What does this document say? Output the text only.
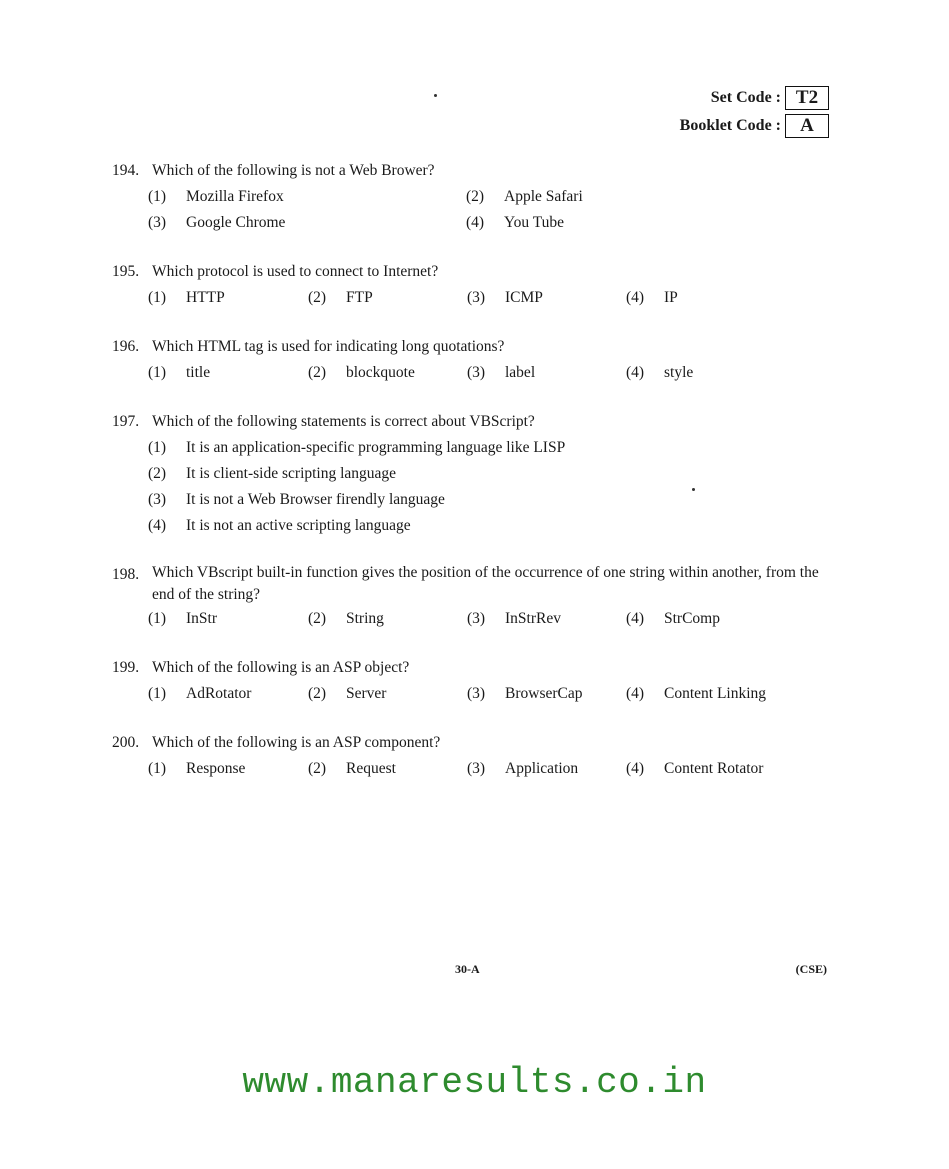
Set Code : T2
Booklet Code :	A
194. Which of the following is not a Web Brower?
(1)	Mozilla Firefox	(2)	Apple Safari
(3)	Google Chrome	(4)	You Tube
195. Which protocol is used to connect to Internet?
(1)	HTTP	(2)	FTP	(3)	ICMP	(4)	IP
196. Which HTML tag is used for indicating long quotations?
(1)	title	(2)	blockquote	(3)	label	(4)	style
197. Which of the following statements is correct about VBScript?
(1)	It is an application-specific programming language like LISP
(2)	It is client-side scripting language
(3)	It is not a Web Browser firendly language
(4)	It is not an active scripting language
198. Which VBscript built-in function gives the position of the occurrence of one string within another, from the end of the string?
(1)	InStr	(2)	String	(3)	InStrRev	(4)	StrComp
199. Which of the following is an ASP object?
(1)	AdRotator	(2)	Server	(3)	BrowserCap	(4)	Content Linking
200. Which of the following is an ASP component?
(1)	Response	(2)	Request	(3)	Application	(4)	Content Rotator
30-A	(CSE)
www.manaresults.co.in
